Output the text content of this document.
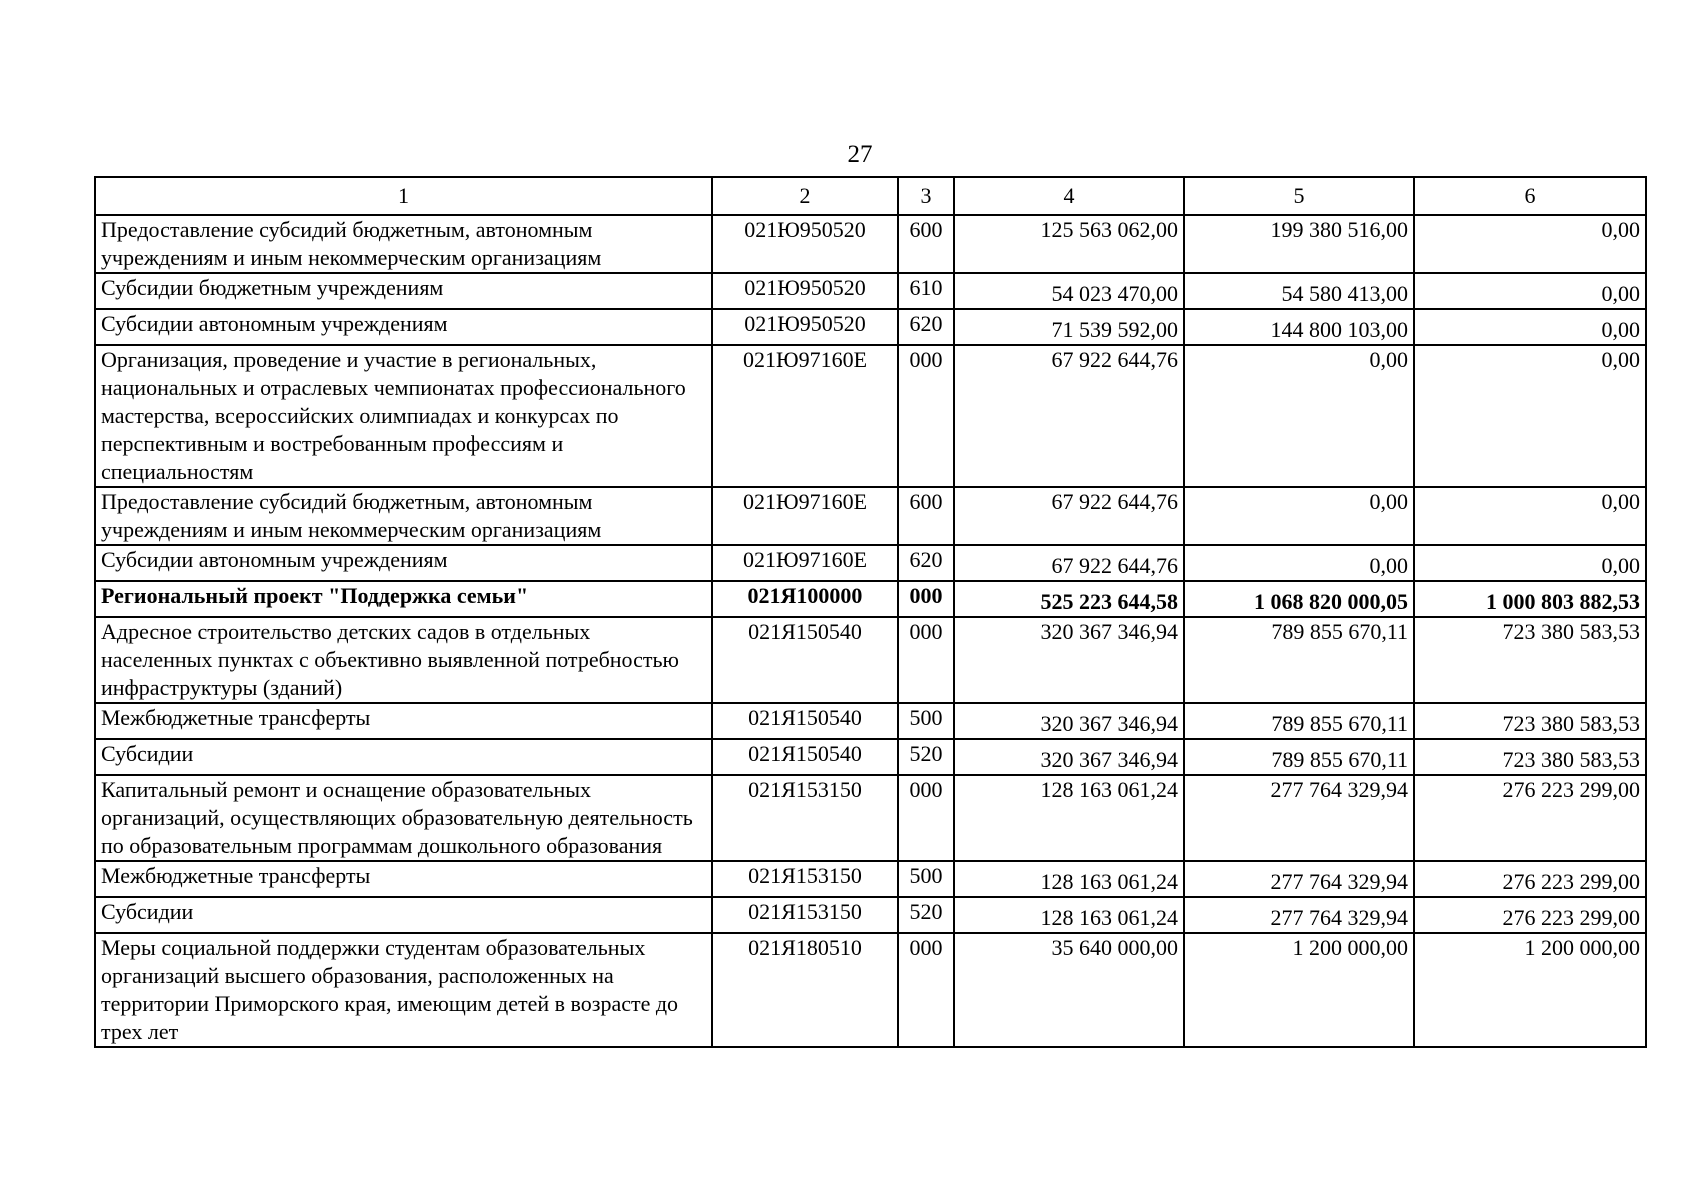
27
1	2	3	4	5	6
Предоставление субсидий бюджетным, автономным учреждениям и иным некоммерческим организациям	021Ю950520	600	125 563 062,00	199 380 516,00	0,00
Субсидии бюджетным учреждениям	021Ю950520	610	54 023 470,00	54 580 413,00	0,00
Субсидии автономным учреждениям	021Ю950520	620	71 539 592,00	144 800 103,00	0,00
Организация, проведение и участие в региональных, национальных и отраслевых чемпионатах профессионального мастерства, всероссийских олимпиадах и конкурсах по перспективным и востребованным профессиям и специальностям	021Ю97160Е	000	67 922 644,76	0,00	0,00
Предоставление субсидий бюджетным, автономным учреждениям и иным некоммерческим организациям	021Ю97160Е	600	67 922 644,76	0,00	0,00
Субсидии автономным учреждениям	021Ю97160Е	620	67 922 644,76	0,00	0,00
Региональный проект "Поддержка семьи"	021Я100000	000	525 223 644,58	1 068 820 000,05	1 000 803 882,53
Адресное строительство детских садов в отдельных населенных пунктах с объективно выявленной потребностью инфраструктуры (зданий)	021Я150540	000	320 367 346,94	789 855 670,11	723 380 583,53
Межбюджетные трансферты	021Я150540	500	320 367 346,94	789 855 670,11	723 380 583,53
Субсидии	021Я150540	520	320 367 346,94	789 855 670,11	723 380 583,53
Капитальный ремонт и оснащение образовательных организаций, осуществляющих образовательную деятельность по образовательным программам дошкольного образования	021Я153150	000	128 163 061,24	277 764 329,94	276 223 299,00
Межбюджетные трансферты	021Я153150	500	128 163 061,24	277 764 329,94	276 223 299,00
Субсидии	021Я153150	520	128 163 061,24	277 764 329,94	276 223 299,00
Меры социальной поддержки студентам образовательных организаций высшего образования, расположенных на территории Приморского края, имеющим детей в возрасте до трех лет	021Я180510	000	35 640 000,00	1 200 000,00	1 200 000,00
